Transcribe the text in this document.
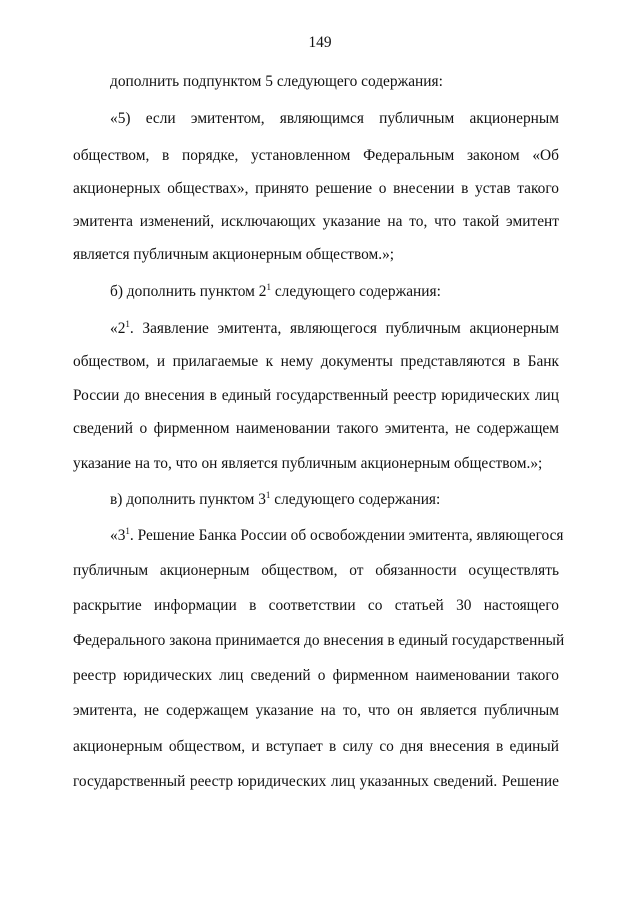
149
дополнить подпунктом 5 следующего содержания:
«5) если эмитентом, являющимся публичным акционерным
обществом, в порядке, установленном Федеральным законом «Об
акционерных обществах», принято решение о внесении в устав такого
эмитента изменений, исключающих указание на то, что такой эмитент
является публичным акционерным обществом.»;
б) дополнить пунктом $2^1$ следующего содержания:
«$2^1$. Заявление эмитента, являющегося публичным акционерным
обществом, и прилагаемые к нему документы представляются в Банк
России до внесения в единый государственный реестр юридических лиц
сведений о фирменном наименовании такого эмитента, не содержащем
указание на то, что он является публичным акционерным обществом.»;
в) дополнить пунктом $3^1$ следующего содержания:
«$3^1$. Решение Банка России об освобождении эмитента, являющегося
публичным акционерным обществом, от обязанности осуществлять
раскрытие информации в соответствии со статьей 30 настоящего
Федерального закона принимается до внесения в единый государственный
реестр юридических лиц сведений о фирменном наименовании такого
эмитента, не содержащем указание на то, что он является публичным
акционерным обществом, и вступает в силу со дня внесения в единый
государственный реестр юридических лиц указанных сведений. Решение
